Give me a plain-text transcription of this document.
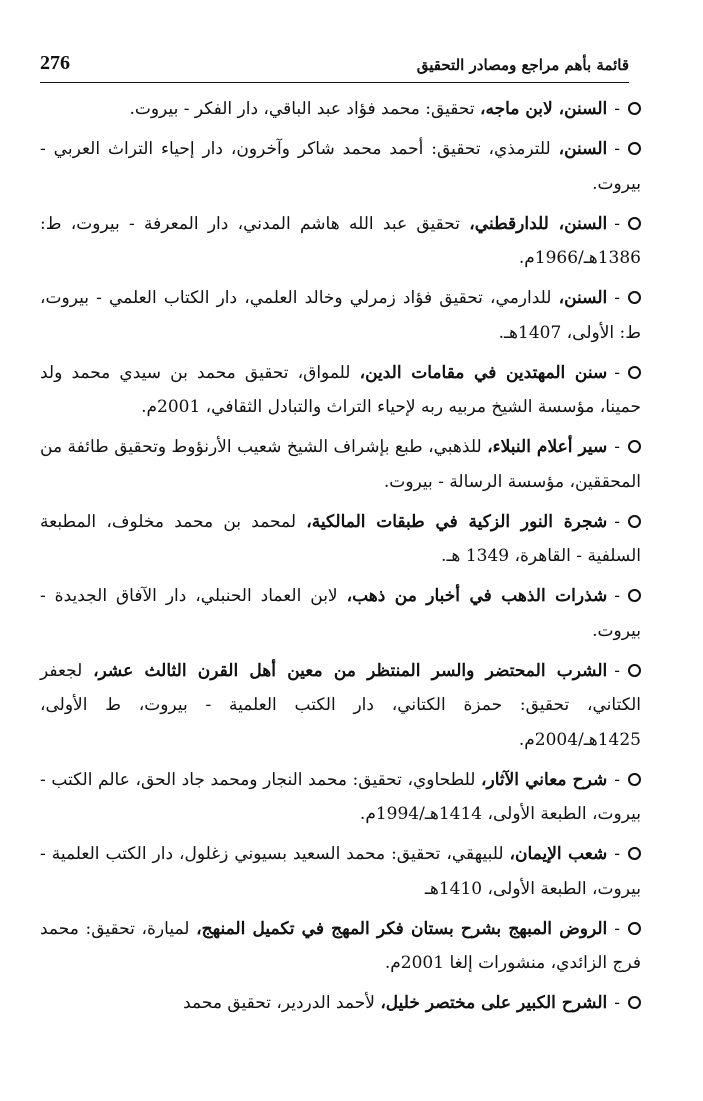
276	قائمة بأهم مراجع ومصادر التحقيق
-السنن، لابن ماجه، تحقيق: محمد فؤاد عبد الباقي، دار الفكر - بيروت.
-السنن، للترمذي، تحقيق: أحمد محمد شاكر وآخرون، دار إحياء التراث العربي - بيروت.
-السنن، للدارقطني، تحقيق عبد الله هاشم المدني، دار المعرفة - بيروت، ط: 1386هـ/1966م.
-السنن، للدارمي، تحقيق فؤاد زمرلي وخالد العلمي، دار الكتاب العلمي - بيروت، ط: الأولى، 1407هـ.
-سنن المهتدين في مقامات الدين، للمواق، تحقيق محمد بن سيدي محمد ولد حمينا، مؤسسة الشيخ مربيه ربه لإحياء التراث والتبادل الثقافي، 2001م.
-سير أعلام النبلاء، للذهبي، طبع بإشراف الشيخ شعيب الأرنؤوط وتحقيق طائفة من المحققين، مؤسسة الرسالة - بيروت.
-شجرة النور الزكية في طبقات المالكية، لمحمد بن محمد مخلوف، المطبعة السلفية - القاهرة، 1349 هـ.
-شذرات الذهب في أخبار من ذهب، لابن العماد الحنبلي، دار الآفاق الجديدة - بيروت.
-الشرب المحتضر والسر المنتظر من معين أهل القرن الثالث عشر، لجعفر الكتاني، تحقيق: حمزة الكتاني، دار الكتب العلمية - بيروت، ط الأولى، 1425هـ/2004م.
-شرح معاني الآثار، للطحاوي، تحقيق: محمد النجار ومحمد جاد الحق، عالم الكتب - بيروت، الطبعة الأولى، 1414هـ/1994م.
-شعب الإيمان، للبيهقي، تحقيق: محمد السعيد بسيوني زغلول، دار الكتب العلمية - بيروت، الطبعة الأولى، 1410هـ
-الروض المبهج بشرح بستان فكر المهج في تكميل المنهج، لميارة، تحقيق: محمد فرج الزائدي، منشورات إلغا 2001م.
-الشرح الكبير على مختصر خليل، لأحمد الدردير، تحقيق محمد
